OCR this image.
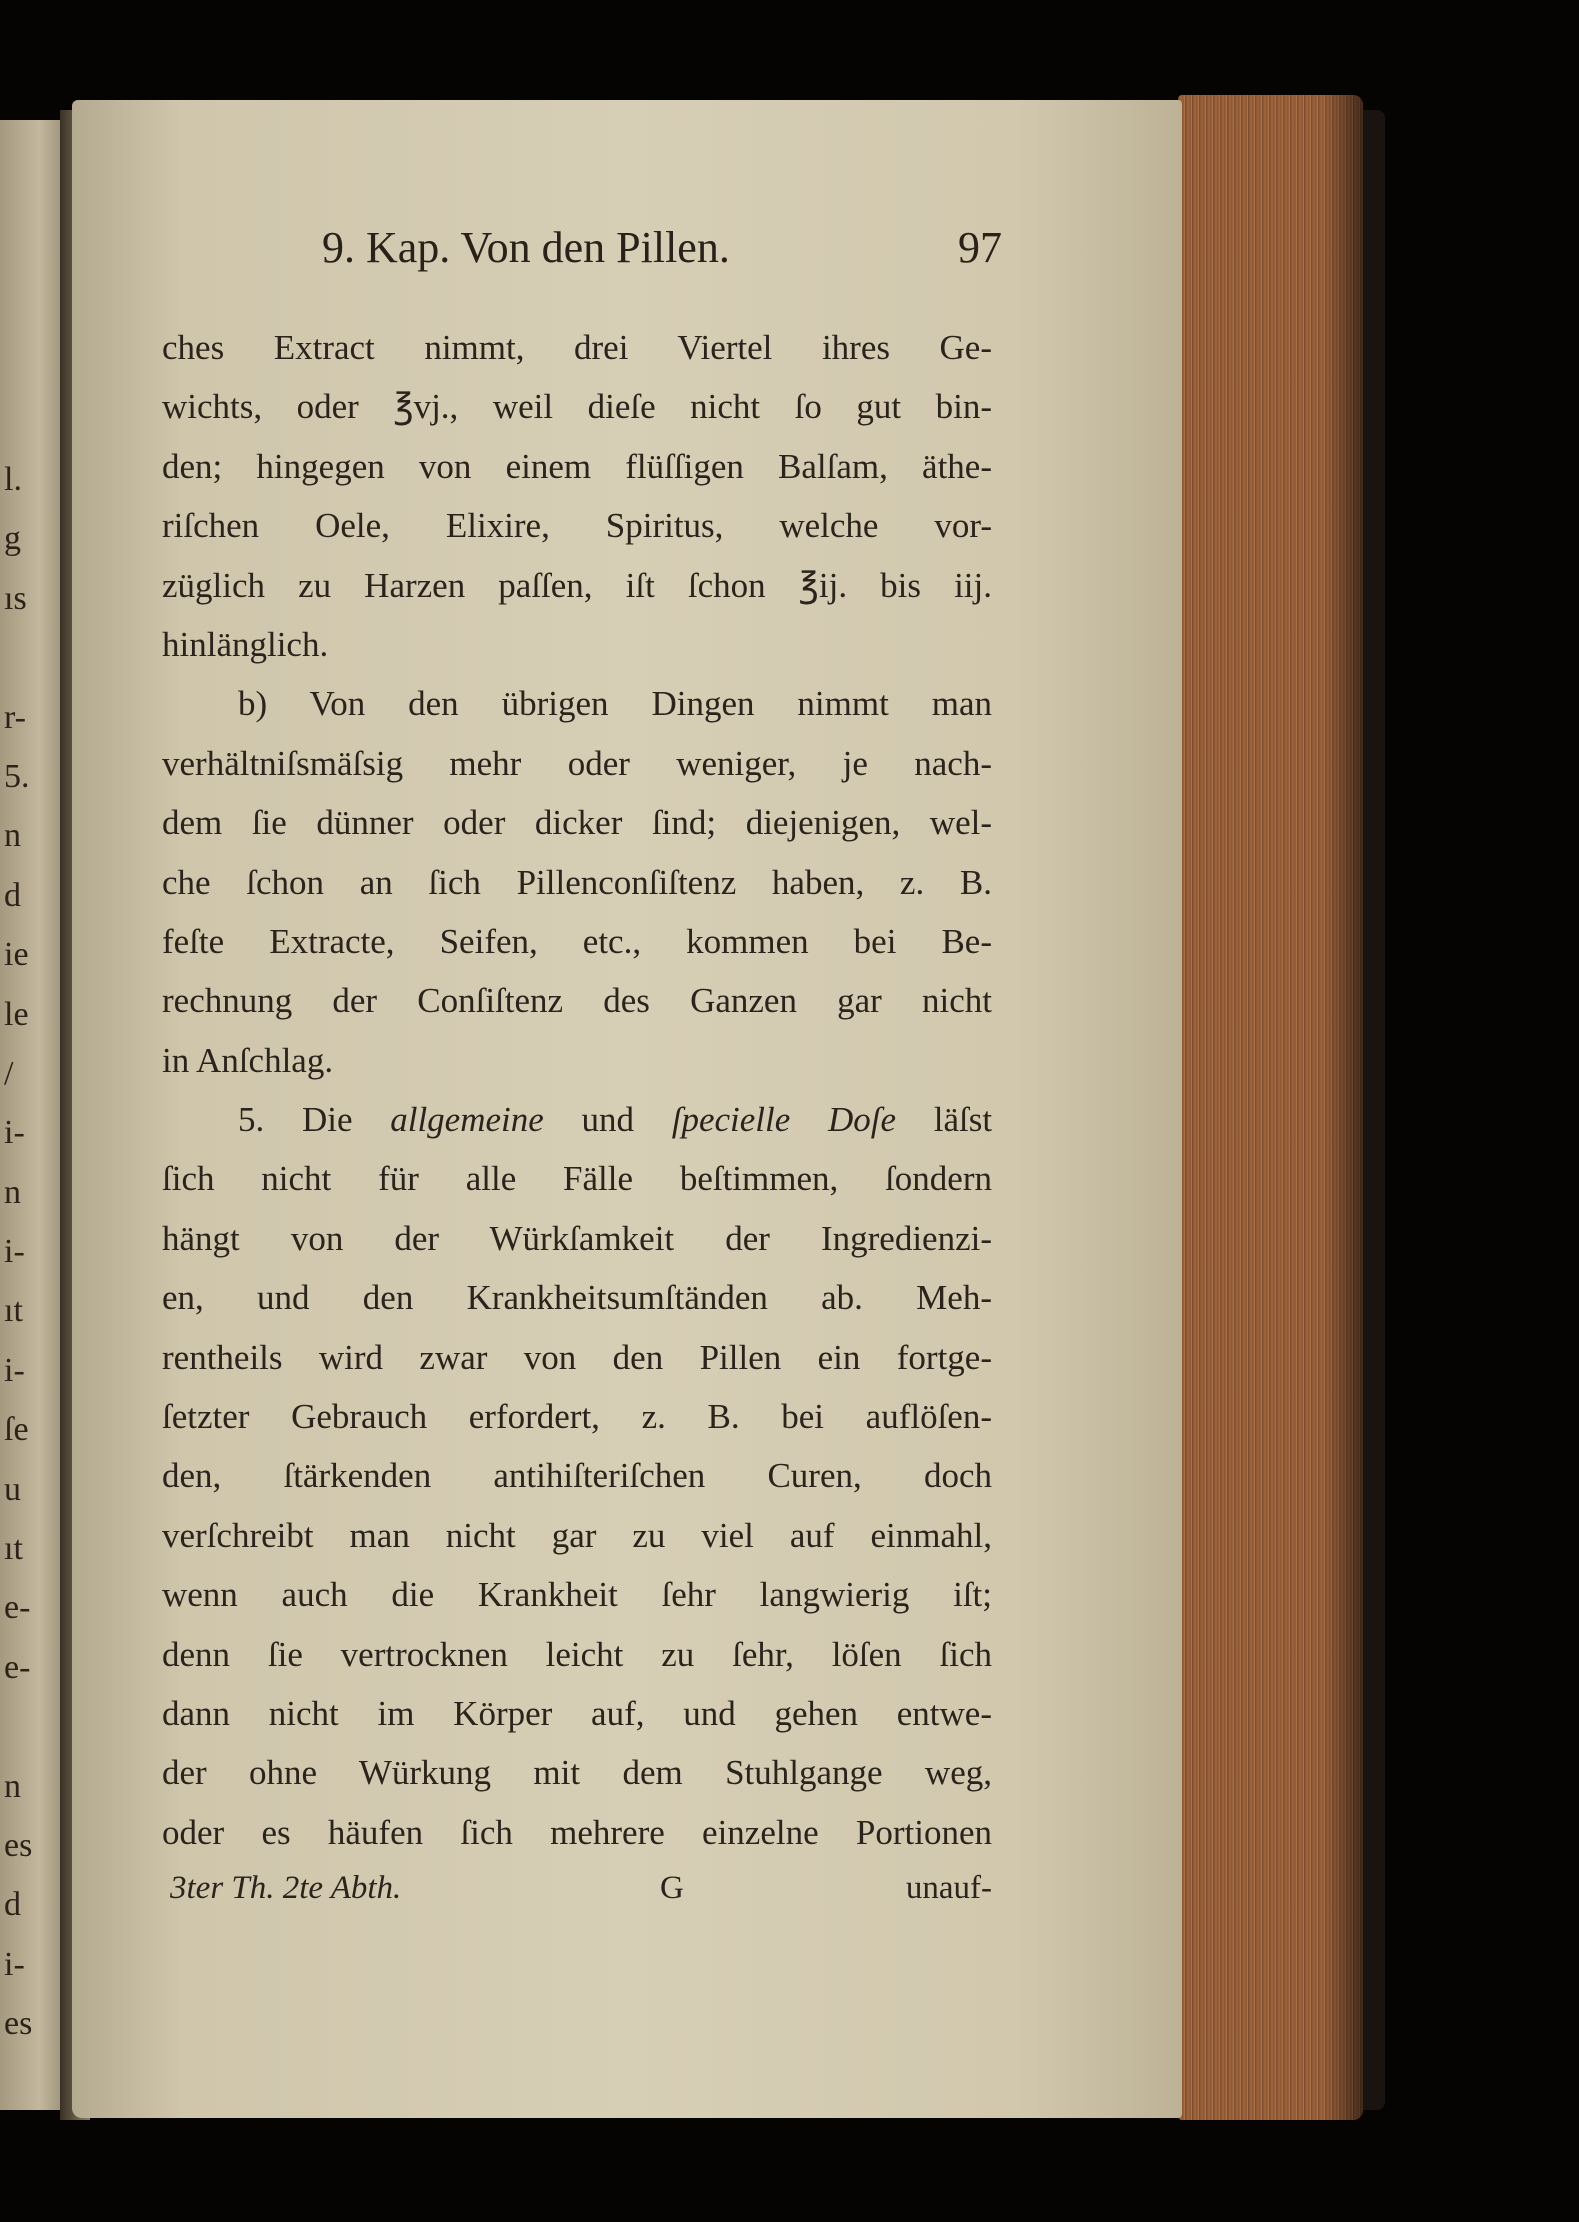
l.
g
ıs
r-
5.
n
d
ie
le
/
i-
n
i-
ıt
i-
ſe
u
ıt
e-
e-
n
es
d
i-
es
9. Kap. Von den Pillen.	97
ches Extract nimmt, drei Viertel ihres Ge-
wichts, oder ℥vj., weil dieſe nicht ſo gut bin-
den; hingegen von einem flüſſigen Balſam, äthe-
riſchen Oele, Elixire, Spiritus, welche vor-
züglich zu Harzen paſſen, iſt ſchon ℥ij. bis iij.
hinlänglich.
b) Von den übrigen Dingen nimmt man
verhältniſsmäſsig mehr oder weniger, je nach-
dem ſie dünner oder dicker ſind; diejenigen, wel-
che ſchon an ſich Pillenconſiſtenz haben, z. B.
feſte Extracte, Seifen, etc., kommen bei Be-
rechnung der Conſiſtenz des Ganzen gar nicht
in Anſchlag.
5. Die allgemeine und ſpecielle Doſe läſst
ſich nicht für alle Fälle beſtimmen, ſondern
hängt von der Würkſamkeit der Ingredienzi-
en, und den Krankheitsumſtänden ab. Meh-
rentheils wird zwar von den Pillen ein fortge-
ſetzter Gebrauch erfordert, z. B. bei auflöſen-
den, ſtärkenden antihiſteriſchen Curen, doch
verſchreibt man nicht gar zu viel auf einmahl,
wenn auch die Krankheit ſehr langwierig iſt;
denn ſie vertrocknen leicht zu ſehr, löſen ſich
dann nicht im Körper auf, und gehen entwe-
der ohne Würkung mit dem Stuhlgange weg,
oder es häufen ſich mehrere einzelne Portionen
3ter Th. 2te Abth.	G	unauf-
